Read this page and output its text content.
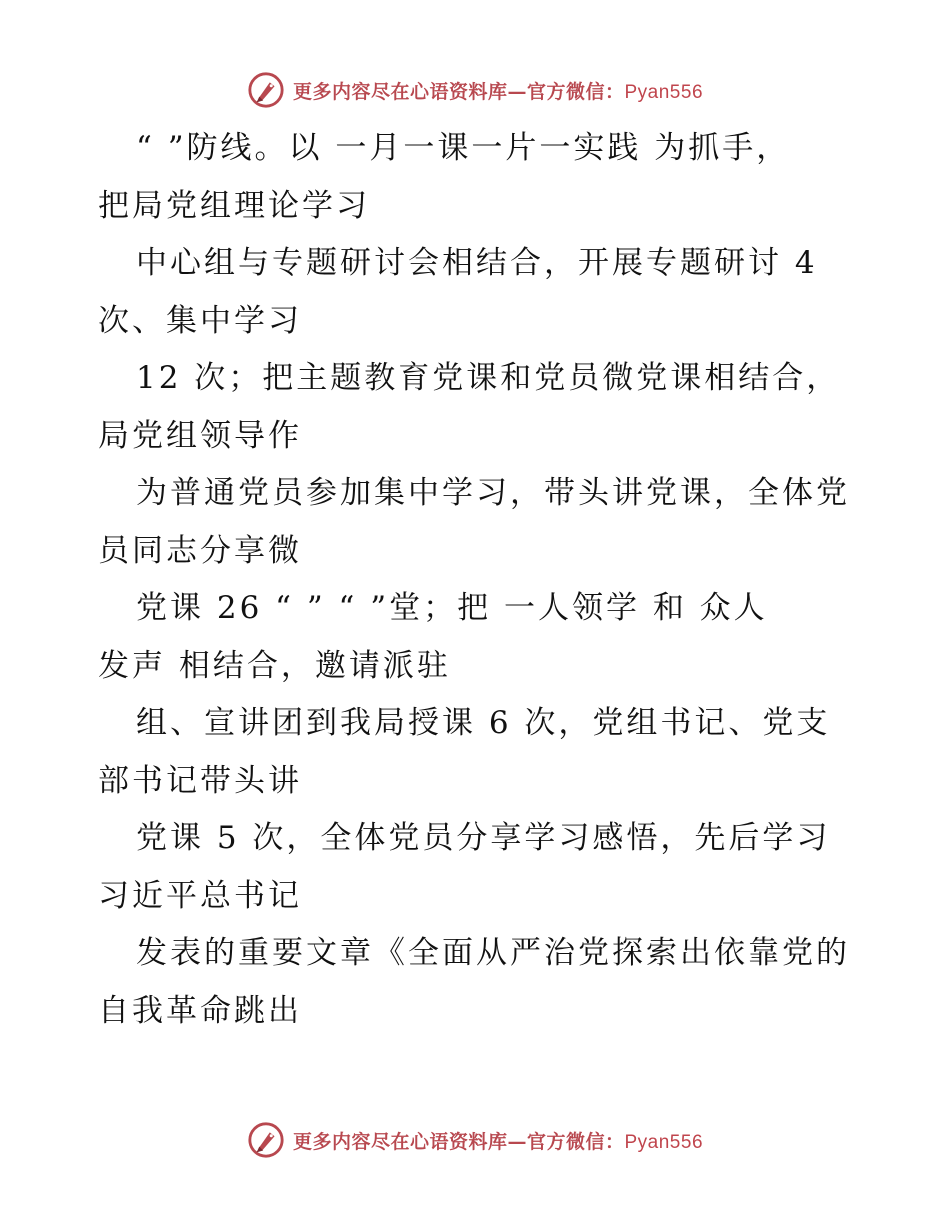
更多内容尽在心语资料库—官方微信：Pyan556
“ ”防线。以 一月一课一片一实践 为抓手，
把局党组理论学习
中心组与专题研讨会相结合，开展专题研讨 4
次、集中学习
12 次；把主题教育党课和党员微党课相结合，
局党组领导作
为普通党员参加集中学习，带头讲党课，全体党
员同志分享微
党课 26 “ ” “ ”堂；把 一人领学 和 众人
发声 相结合，邀请派驻
组、宣讲团到我局授课 6 次，党组书记、党支
部书记带头讲
党课 5 次，全体党员分享学习感悟，先后学习
习近平总书记
发表的重要文章《全面从严治党探索出依靠党的
自我革命跳出
更多内容尽在心语资料库—官方微信：Pyan556
